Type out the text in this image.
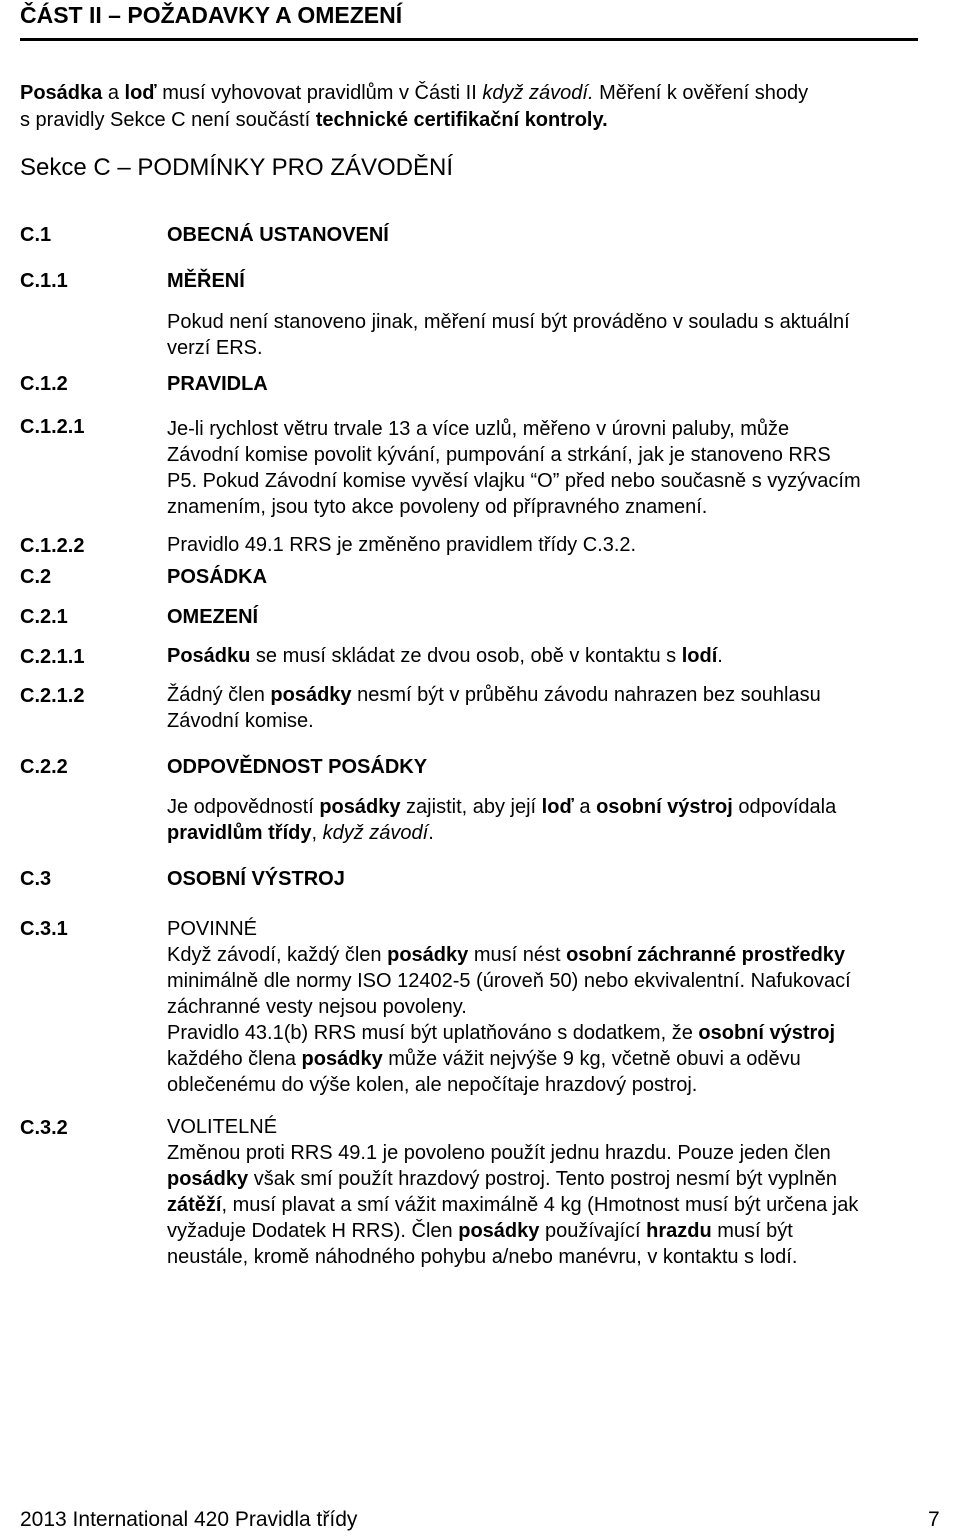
ČÁST II – POŽADAVKY A OMEZENÍ
Posádka a loď musí vyhovovat pravidlům v Části II když závodí. Měření k ověření shody
s pravidly Sekce C není součástí technické certifikační kontroly.
Sekce C – PODMÍNKY PRO ZÁVODĚNÍ
C.1
C.1.1
C.1.2
C.1.2.1
C.1.2.2
C.2
C.2.1
C.2.1.1
C.2.1.2
C.2.2
C.3
C.3.1
C.3.2
OBECNÁ USTANOVENÍ
MĚŘENÍ
PRAVIDLA
POSÁDKA
OMEZENÍ
ODPOVĚDNOST POSÁDKY
OSOBNÍ VÝSTROJ
Pokud není stanoveno jinak, měření musí být prováděno v souladu s aktuální
verzí ERS.
Je-li rychlost větru trvale 13 a více uzlů, měřeno v úrovni paluby, může
Závodní komise povolit kývání, pumpování a strkání, jak je stanoveno RRS
P5. Pokud Závodní komise vyvěsí vlajku “O” před nebo současně s vyzývacím
znamením, jsou tyto akce povoleny od přípravného znamení.
Pravidlo 49.1 RRS je změněno pravidlem třídy C.3.2.
Posádku se musí skládat ze dvou osob, obě v kontaktu s lodí.
Žádný člen posádky nesmí být v průběhu závodu nahrazen bez souhlasu
Závodní komise.
Je odpovědností posádky zajistit, aby její loď a osobní výstroj odpovídala
pravidlům třídy, když závodí.
POVINNÉ
Když závodí, každý člen posádky musí nést osobní záchranné prostředky
minimálně dle normy ISO 12402-5 (úroveň 50) nebo ekvivalentní. Nafukovací
záchranné vesty nejsou povoleny.
Pravidlo 43.1(b) RRS musí být uplatňováno s dodatkem, že osobní výstroj
každého člena posádky může vážit nejvýše 9 kg, včetně obuvi a oděvu
oblečenému do výše kolen, ale nepočítaje hrazdový postroj.
VOLITELNÉ
Změnou proti RRS 49.1 je povoleno použít jednu hrazdu. Pouze jeden člen
posádky však smí použít hrazdový postroj. Tento postroj nesmí být vyplněn
zátěží, musí plavat a smí vážit maximálně 4 kg (Hmotnost musí být určena jak
vyžaduje Dodatek H RRS). Člen posádky používající hrazdu musí být
neustále, kromě náhodného pohybu a/nebo manévru, v kontaktu s lodí.
2013 International 420 Pravidla třídy	7
